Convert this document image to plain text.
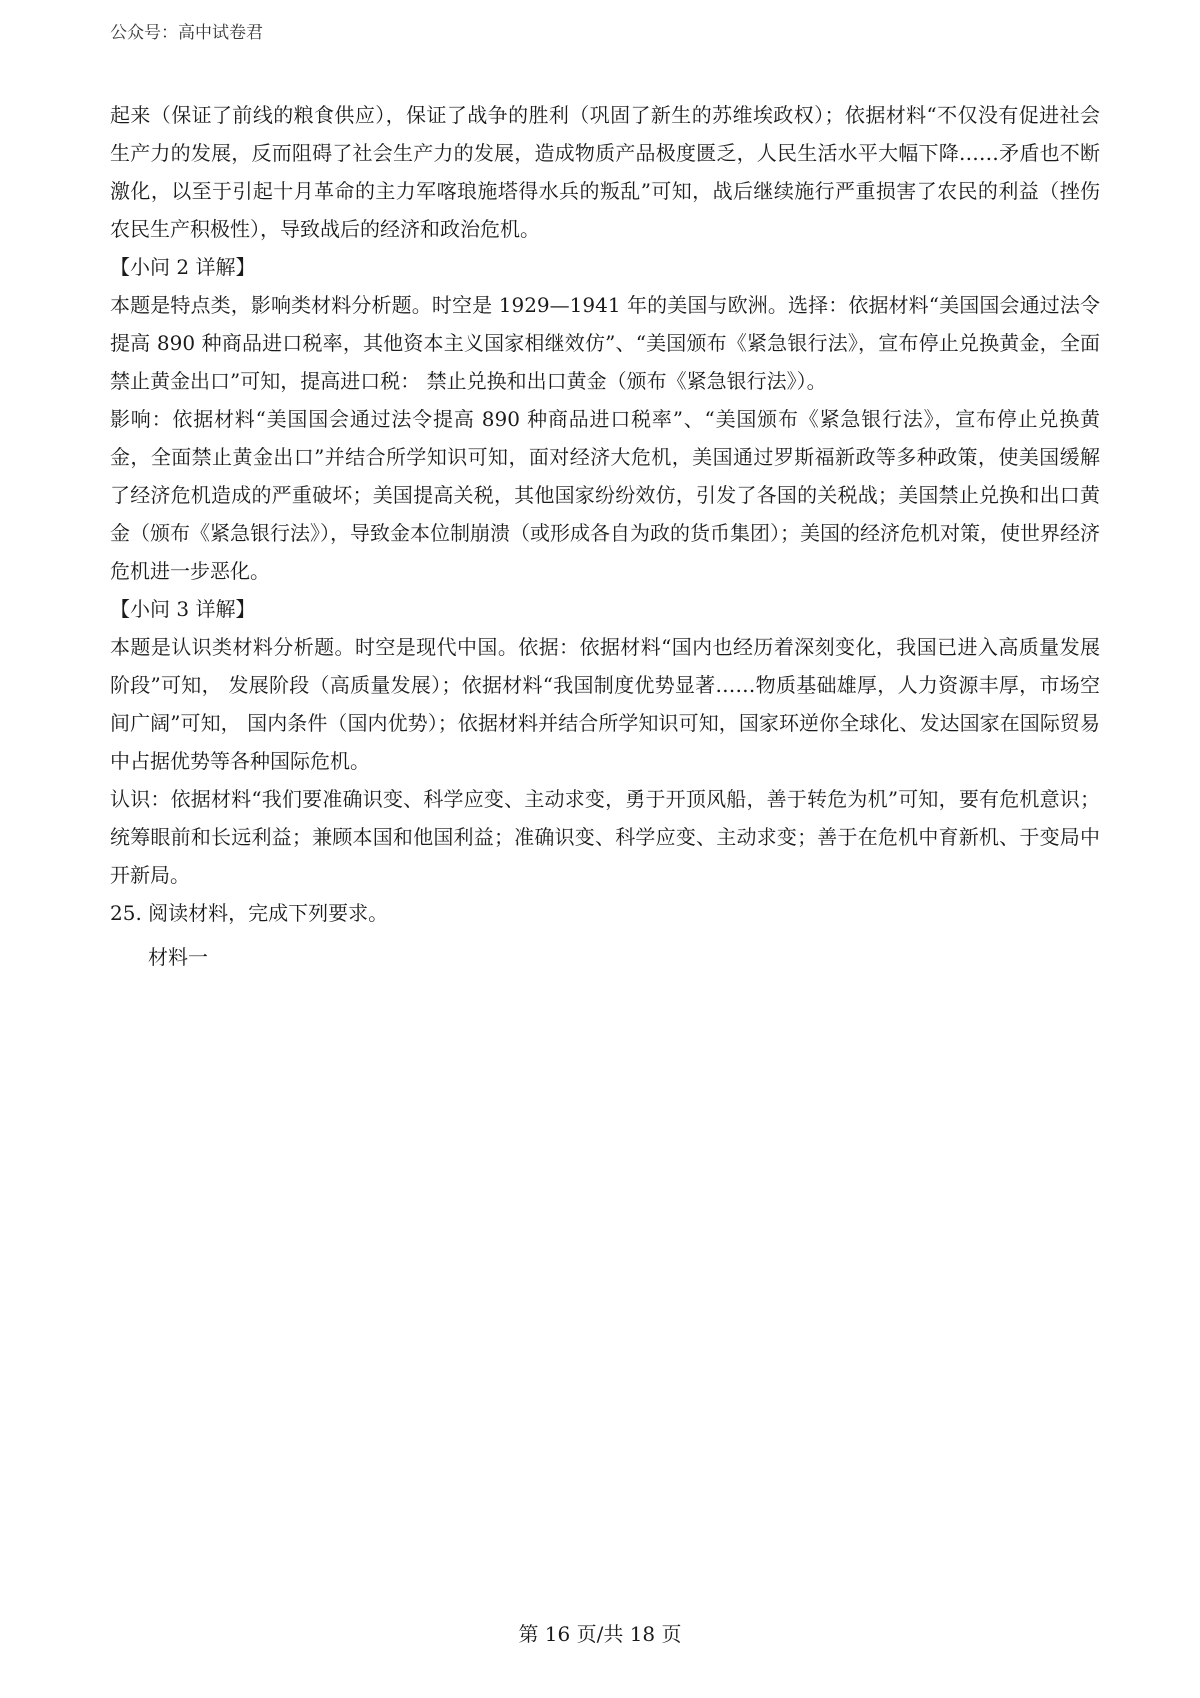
公众号：高中试卷君

起来（保证了前线的粮食供应），保证了战争的胜利（巩固了新生的苏维埃政权）；依据材料“不仅没有促进社会生产力的发展，反而阻碍了社会生产力的发展，造成物质产品极度匮乏，人民生活水平大幅下降……矛盾也不断激化，以至于引起十月革命的主力军喀琅施塔得水兵的叛乱”可知，战后继续施行严重损害了农民的利益（挫伤农民生产积极性），导致战后的经济和政治危机。

【小问 2 详解】

本题是特点类，影响类材料分析题。时空是 1929—1941 年的美国与欧洲。选择：依据材料“美国国会通过法令提高 890 种商品进口税率，其他资本主义国家相继效仿”、“美国颁布《紧急银行法》，宣布停止兑换黄金，全面禁止黄金出口”可知，提高进口税： 禁止兑换和出口黄金（颁布《紧急银行法》）。

影响：依据材料“美国国会通过法令提高 890 种商品进口税率”、“美国颁布《紧急银行法》，宣布停止兑换黄金，全面禁止黄金出口”并结合所学知识可知，面对经济大危机，美国通过罗斯福新政等多种政策，使美国缓解了经济危机造成的严重破坏；美国提高关税，其他国家纷纷效仿，引发了各国的关税战；美国禁止兑换和出口黄金（颁布《紧急银行法》），导致金本位制崩溃（或形成各自为政的货币集团）；美国的经济危机对策，使世界经济危机进一步恶化。

【小问 3 详解】

本题是认识类材料分析题。时空是现代中国。依据：依据材料“国内也经历着深刻变化，我国已进入高质量发展阶段”可知， 发展阶段（高质量发展）；依据材料“我国制度优势显著……物质基础雄厚，人力资源丰厚，市场空间广阔”可知， 国内条件（国内优势）；依据材料并结合所学知识可知，国家环逆你全球化、发达国家在国际贸易中占据优势等各种国际危机。

认识：依据材料“我们要准确识变、科学应变、主动求变，勇于开顶风船，善于转危为机”可知，要有危机意识； 统筹眼前和长远利益；兼顾本国和他国利益；准确识变、科学应变、主动求变；善于在危机中育新机、于变局中开新局。

25. 阅读材料，完成下列要求。

材料一

第 16 页/共 18 页
